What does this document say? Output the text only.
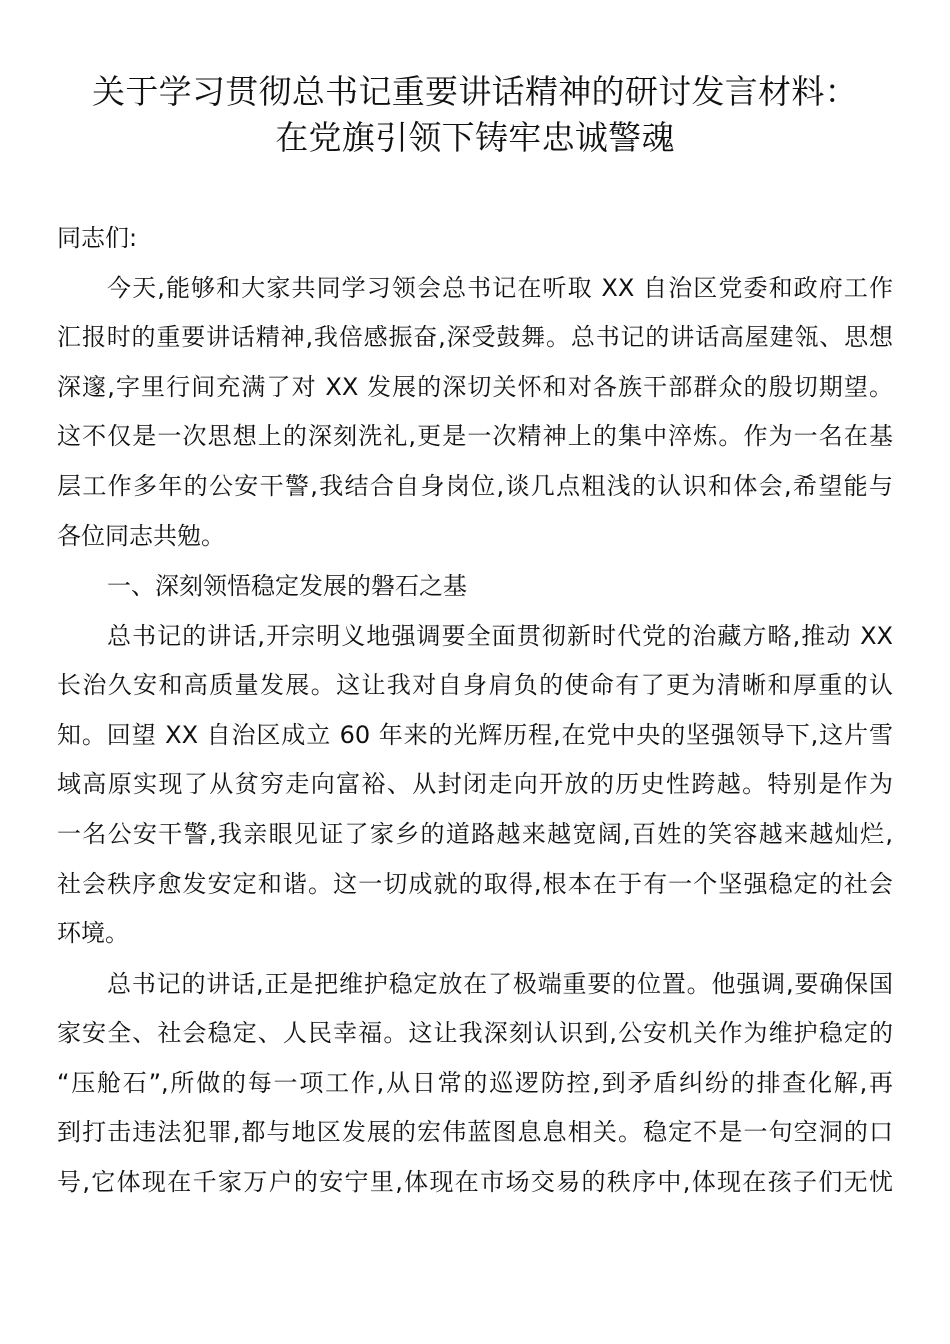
关于学习贯彻总书记重要讲话精神的研讨发言材料：
在党旗引领下铸牢忠诚警魂

同志们:

今天,能够和大家共同学习领会总书记在听取 XX 自治区党委和政府工作

汇报时的重要讲话精神,我倍感振奋,深受鼓舞。总书记的讲话高屋建瓴、思想

深邃,字里行间充满了对 XX 发展的深切关怀和对各族干部群众的殷切期望。

这不仅是一次思想上的深刻洗礼,更是一次精神上的集中淬炼。作为一名在基

层工作多年的公安干警,我结合自身岗位,谈几点粗浅的认识和体会,希望能与

各位同志共勉。

一、深刻领悟稳定发展的磐石之基

总书记的讲话,开宗明义地强调要全面贯彻新时代党的治藏方略,推动 XX

长治久安和高质量发展。这让我对自身肩负的使命有了更为清晰和厚重的认

知。回望 XX 自治区成立 60 年来的光辉历程,在党中央的坚强领导下,这片雪

域高原实现了从贫穷走向富裕、从封闭走向开放的历史性跨越。特别是作为

一名公安干警,我亲眼见证了家乡的道路越来越宽阔,百姓的笑容越来越灿烂,

社会秩序愈发安定和谐。这一切成就的取得,根本在于有一个坚强稳定的社会

环境。

总书记的讲话,正是把维护稳定放在了极端重要的位置。他强调,要确保国

家安全、社会稳定、人民幸福。这让我深刻认识到,公安机关作为维护稳定的

“压舱石”,所做的每一项工作,从日常的巡逻防控,到矛盾纠纷的排查化解,再

到打击违法犯罪,都与地区发展的宏伟蓝图息息相关。稳定不是一句空洞的口

号,它体现在千家万户的安宁里,体现在市场交易的秩序中,体现在孩子们无忧
